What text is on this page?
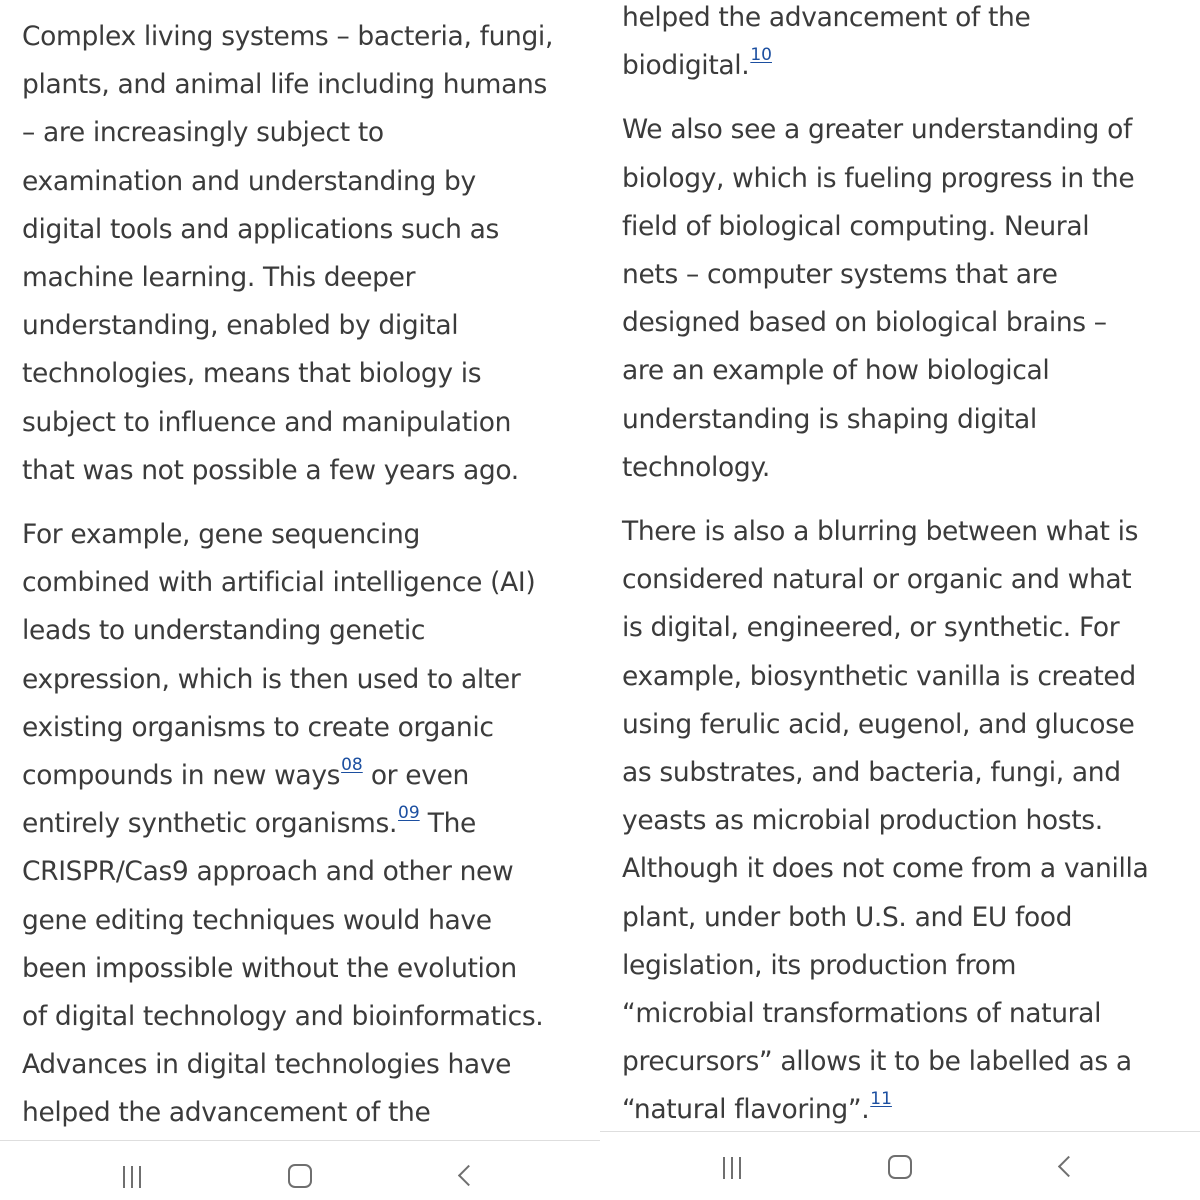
Complex living systems – bacteria, fungi,
plants, and animal life including humans
– are increasingly subject to
examination and understanding by
digital tools and applications such as
machine learning. This deeper
understanding, enabled by digital
technologies, means that biology is
subject to influence and manipulation
that was not possible a few years ago.

For example, gene sequencing
combined with artificial intelligence (AI)
leads to understanding genetic
expression, which is then used to alter
existing organisms to create organic
compounds in new ways08 or even
entirely synthetic organisms.09 The
CRISPR/Cas9 approach and other new
gene editing techniques would have
been impossible without the evolution
of digital technology and bioinformatics.
Advances in digital technologies have
helped the advancement of the

helped the advancement of the
biodigital.10

We also see a greater understanding of
biology, which is fueling progress in the
field of biological computing. Neural
nets – computer systems that are
designed based on biological brains –
are an example of how biological
understanding is shaping digital
technology.

There is also a blurring between what is
considered natural or organic and what
is digital, engineered, or synthetic. For
example, biosynthetic vanilla is created
using ferulic acid, eugenol, and glucose
as substrates, and bacteria, fungi, and
yeasts as microbial production hosts.
Although it does not come from a vanilla
plant, under both U.S. and EU food
legislation, its production from
“microbial transformations of natural
precursors” allows it to be labelled as a
“natural flavoring”.11
